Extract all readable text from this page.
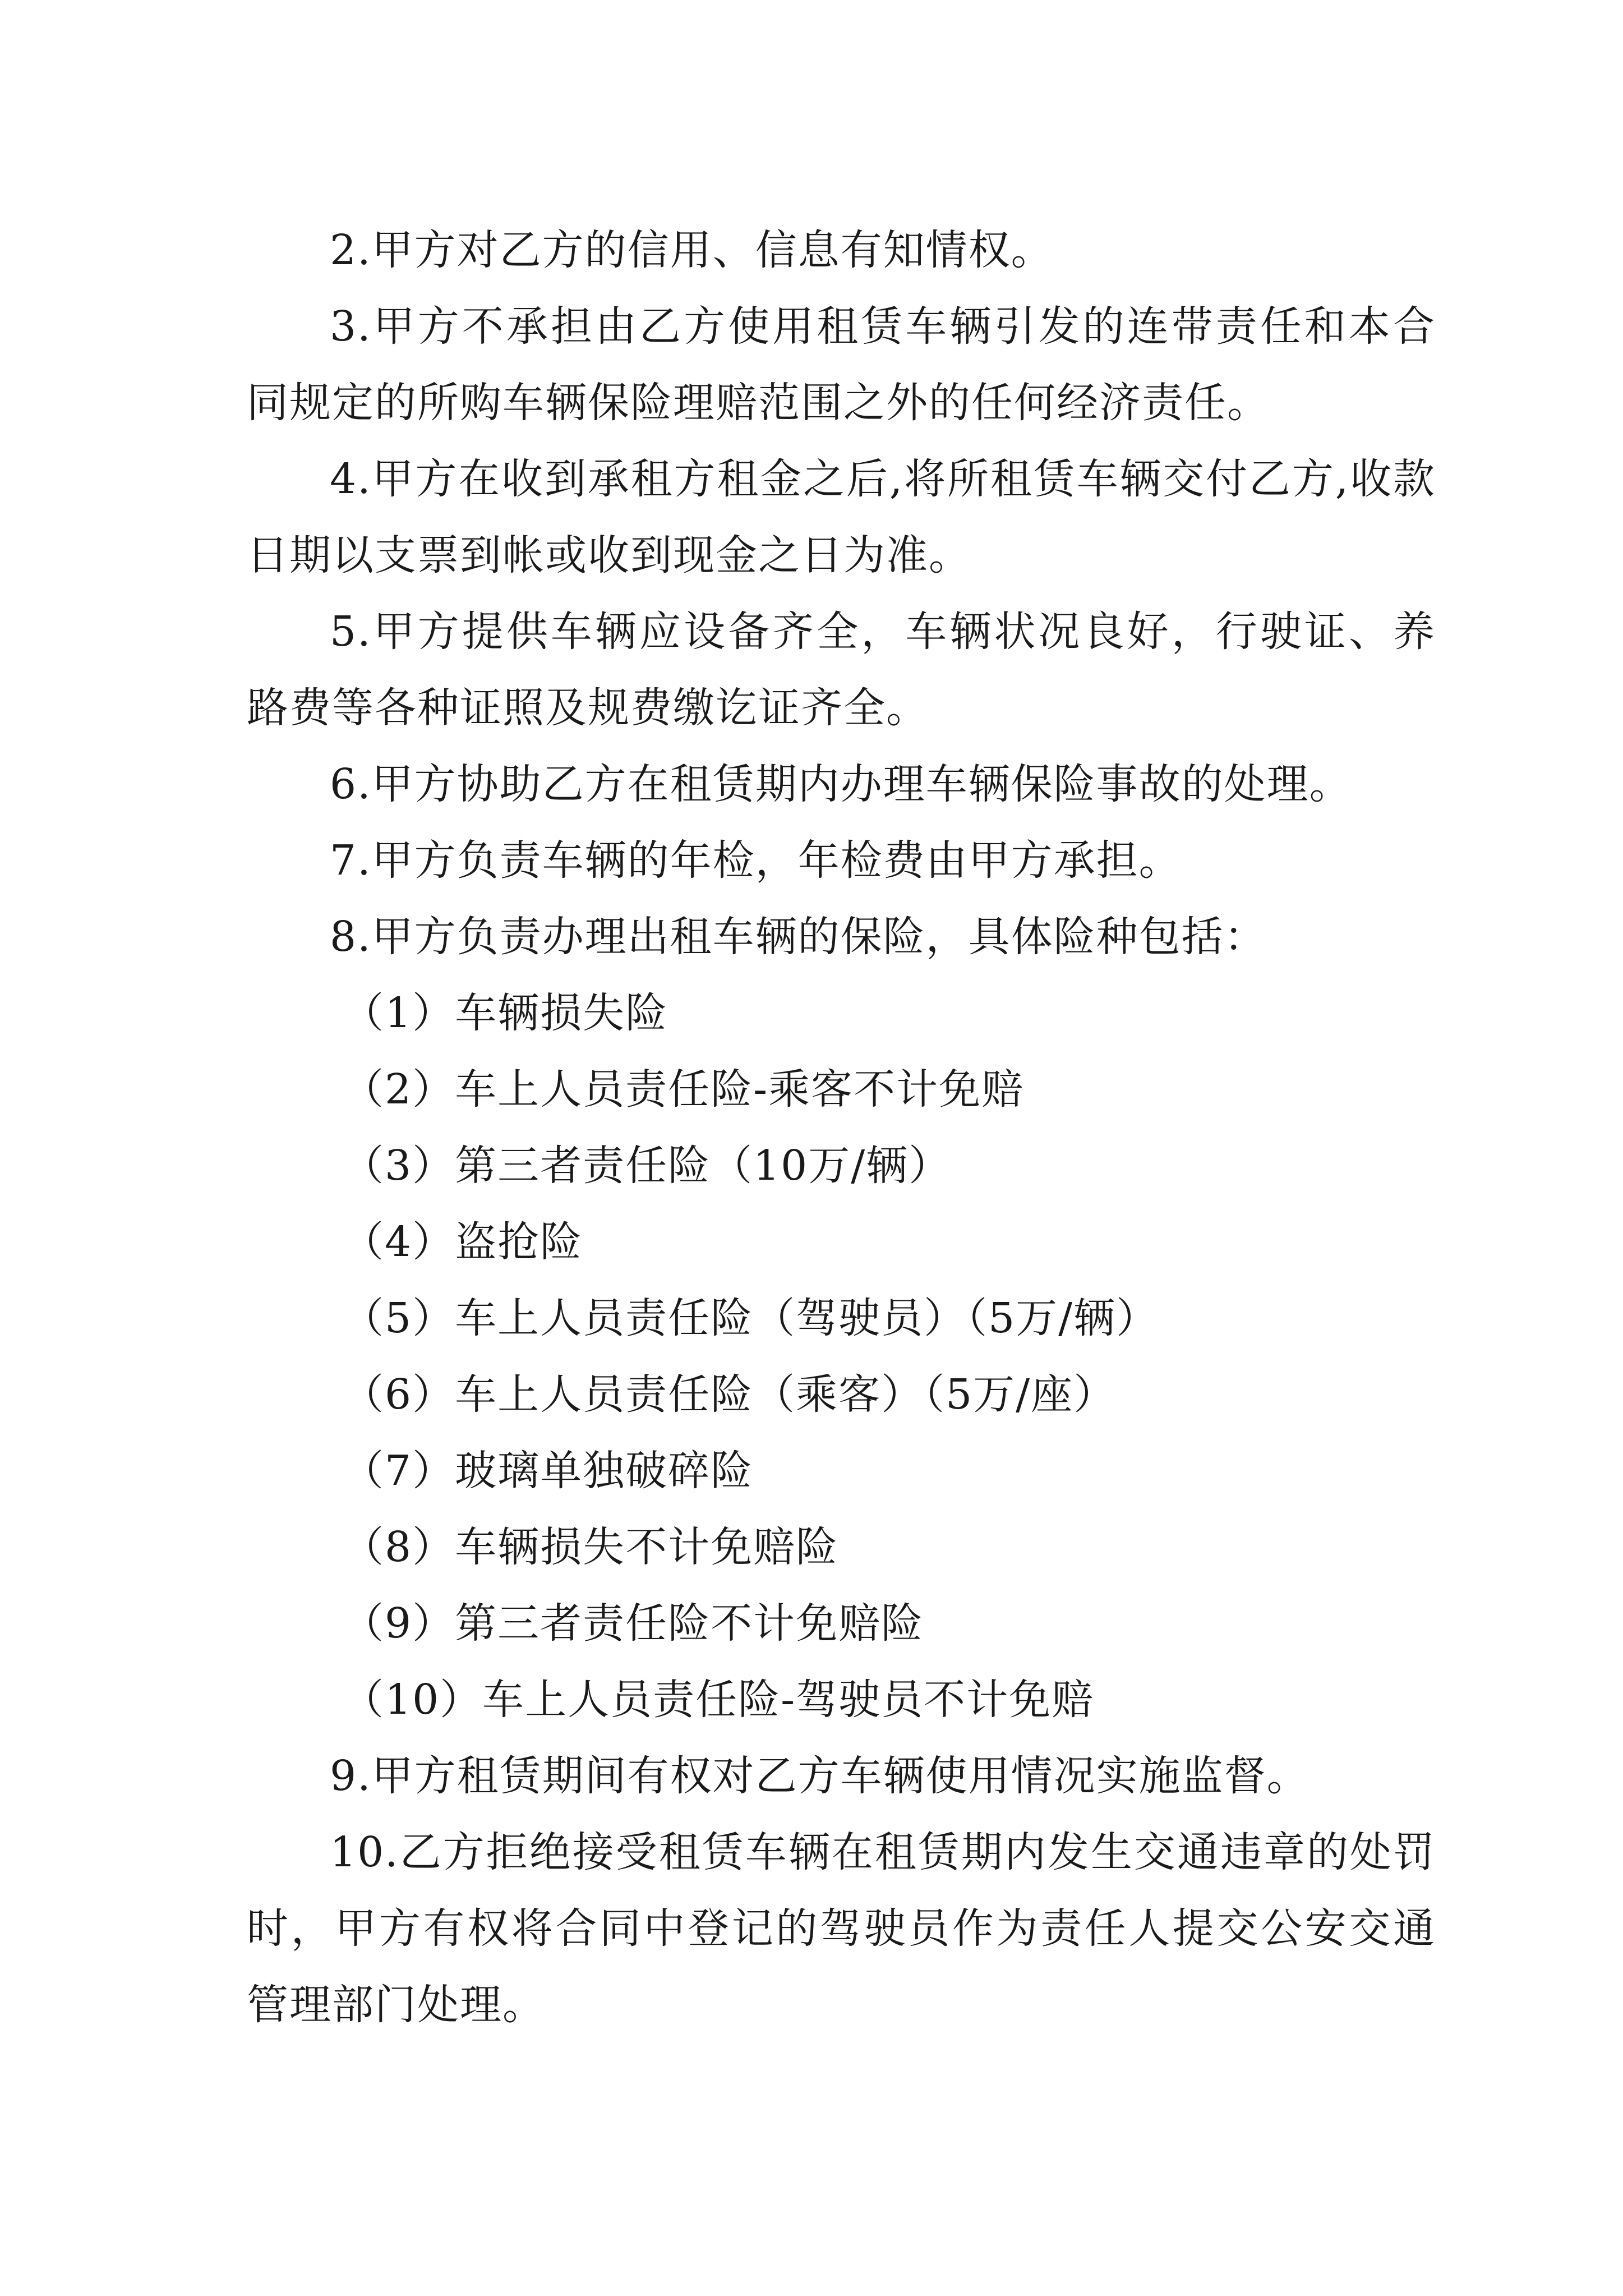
2.甲方对乙方的信用、信息有知情权。

3.甲方不承担由乙方使用租赁车辆引发的连带责任和本合同规定的所购车辆保险理赔范围之外的任何经济责任。

4.甲方在收到承租方租金之后,将所租赁车辆交付乙方,收款日期以支票到帐或收到现金之日为准。

5.甲方提供车辆应设备齐全，车辆状况良好，行驶证、养路费等各种证照及规费缴讫证齐全。

6.甲方协助乙方在租赁期内办理车辆保险事故的处理。

7.甲方负责车辆的年检，年检费由甲方承担。

8.甲方负责办理出租车辆的保险，具体险种包括：

（1）车辆损失险

（2）车上人员责任险-乘客不计免赔

（3）第三者责任险（10万/辆）

（4）盗抢险

（5）车上人员责任险（驾驶员）（5万/辆）

（6）车上人员责任险（乘客）（5万/座）

（7）玻璃单独破碎险

（8）车辆损失不计免赔险

（9）第三者责任险不计免赔险

（10）车上人员责任险-驾驶员不计免赔

9.甲方租赁期间有权对乙方车辆使用情况实施监督。

10.乙方拒绝接受租赁车辆在租赁期内发生交通违章的处罚时，甲方有权将合同中登记的驾驶员作为责任人提交公安交通管理部门处理。
